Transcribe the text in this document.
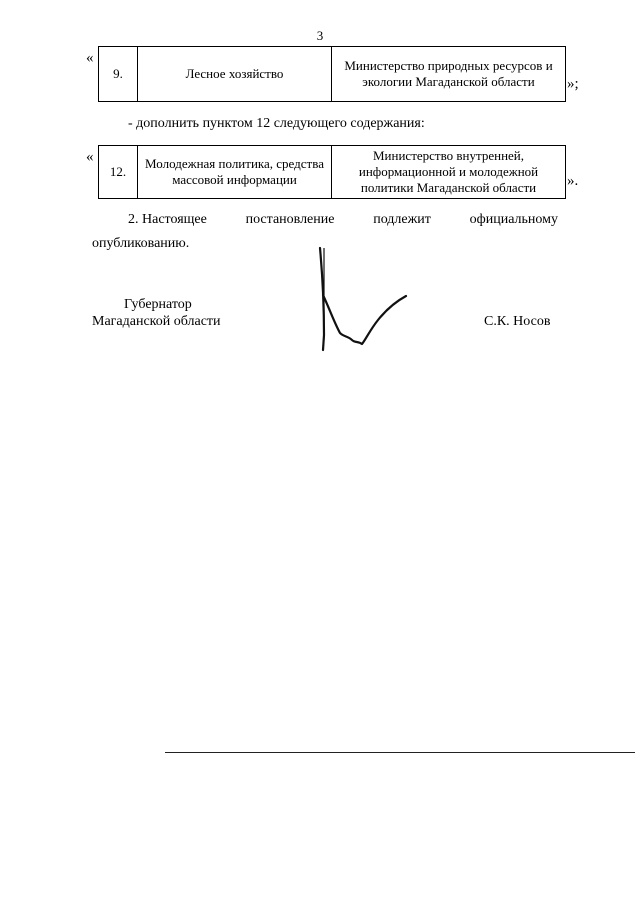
3
«
9.	Лесное хозяйство	Министерство природных ресурсов и экологии Магаданской области »;
- дополнить пунктом 12 следующего содержания:
«
12.	Молодежная политика, средства массовой информации	Министерство внутренней, информационной и молодежной политики Магаданской области ».
2. Настоящее	постановление	подлежит	официальному
опубликованию.
Губернатор
Магаданской области	С.К. Носов
